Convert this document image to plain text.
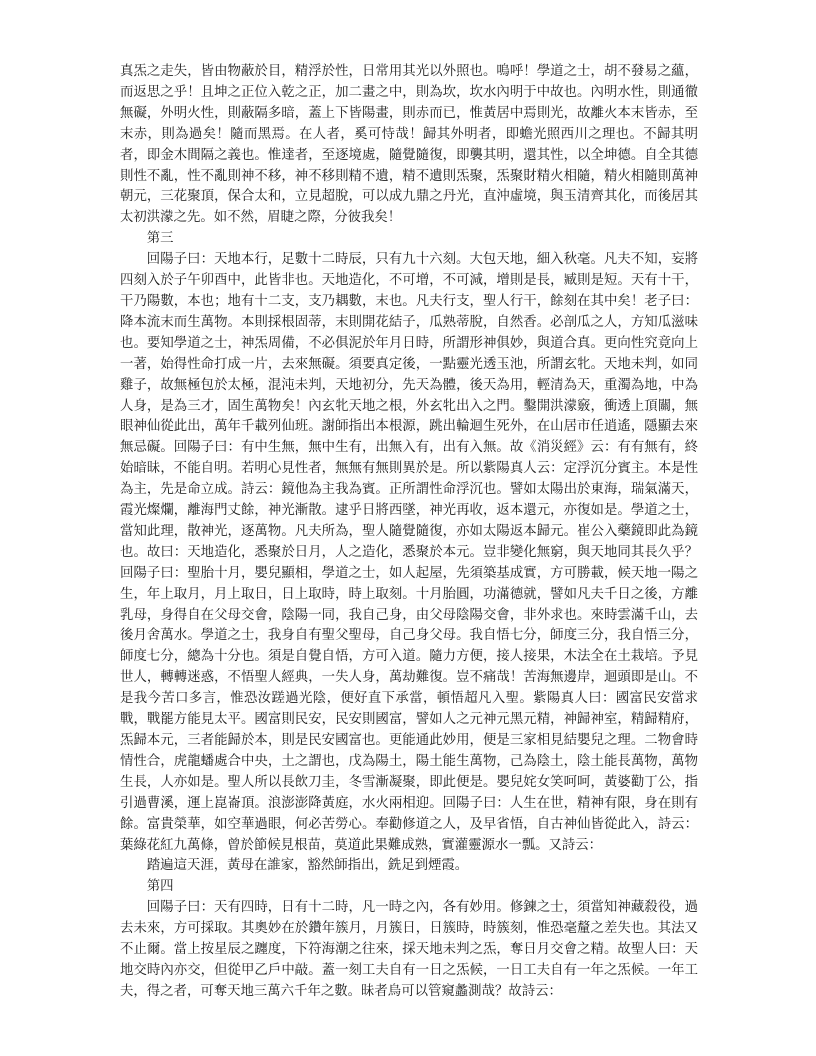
真炁之走失，皆由物蔽於目，精浮於性，日常用其光以外照也。嗚呼！學道之士，胡不發易之蘊，而返思之乎！且坤之正位入乾之正，加二畫之中，則為坎，坎水內明于中故也。內明水性，則通徹無礙，外明火性，則蔽隔多暗，蓋上下皆陽畫，則赤而已，惟黃居中焉則光，故離火本末皆赤，至末赤，則為過矣！隨而黑焉。在人者，奚可恃哉！歸其外明者，即蟾光照西川之理也。不歸其明者，即金木間隔之義也。惟達者，至逐境處，隨覺隨復，即襲其明，還其性，以全坤德。自全其德則性不亂，性不亂則神不移，神不移則精不遺，精不遺則炁聚，炁聚財精火相隨，精火相隨則萬神朝元，三花聚頂，保合太和，立見超脫，可以成九鼎之丹光，直沖虛境，與玉清齊其化，而後居其太初洪濛之先。如不然，眉睫之際，分彼我矣！

第三

回陽子曰：天地本行，足數十二時辰，只有九十六刻。大包天地，細入秋毫。凡夫不知，妄將四刻入於子午卯酉中，此皆非也。天地造化，不可增，不可減，增則是長，臧則是短。天有十干，干乃陽數，本也；地有十二支，支乃耦數，末也。凡夫行支，聖人行干，餘刻在其中矣！老子曰：降本流末而生萬物。本則採根固蒂，末則開花結子，瓜熟蒂脫，自然香。必剖瓜之人，方知瓜滋味也。要知學道之士，神炁周備，不必俱泥於年月日時，所謂形神俱妙，與道合真。更向性究竟向上一著，始得性命打成一片，去來無礙。須要真定後，一點靈光透玉池，所謂玄牝。天地未判，如同雞子，故無極包於太極，混沌未判，天地初分，先天為體，後天為用，輕清為天，重濁為地，中為人身，是為三才，固生萬物矣！內玄牝天地之根，外玄牝出入之門。鑿開洪濛竅，衝透上頂關，無眼神仙從此出，萬年千載列仙班。謝師指出本根源，跳出輪迴生死外，在山居市任逍遙，隱顯去來無忌礙。回陽子曰：有中生無，無中生有，出無入有，出有入無。故《消災經》云：有有無有，終始暗昧，不能自明。若明心見性者，無無有無則異於是。所以紫陽真人云：定浮沉分賓主。本是性為主，先是命立成。詩云：鏡他為主我為賓。正所謂性命浮沉也。譬如太陽出於東海，瑞氣滿天，霞光燦爛，離海門丈餘，神光漸散。逮乎日將西墜，神光再收，返本還元，亦復如是。學道之士，當知此理，散神光，逐萬物。凡夫所為，聖人隨覺隨復，亦如太陽返本歸元。崔公入藥鏡即此為鏡也。故曰：天地造化，悉聚於日月，人之造化，悉聚於本元。豈非變化無窮，與天地同其長久乎？回陽子曰：聖胎十月，嬰兒顯相，學道之士，如人起屋，先須築基成實，方可勝載，候天地一陽之生，年上取月，月上取日，日上取時，時上取刻。十月胎圓，功滿德就，譬如凡夫千日之後，方離乳母，身得自在父母交會，陰陽一同，我自己身，由父母陰陽交會，非外求也。來時雲滿千山，去後月舍萬水。學道之士，我身自有聖父聖母，自己身父母。我自悟七分，師度三分，我自悟三分，師度七分，總為十分也。須是自覺自悟，方可入道。隨力方便，接人接果，木法全在土栽培。予見世人，轉轉迷惑，不悟聖人經典，一失人身，萬劫難復。豈不痛哉！苦海無邊岸，迴頭即是山。不是我今苦口多言，惟恐汝蹉過光陰，便好直下承當，頓悟超凡入聖。紫陽真人曰：國富民安當求戰，戰罷方能見太平。國富則民安，民安則國富，譬如人之元神元黑元精，神歸神室，精歸精府，炁歸本元，三者能歸於本，則是民安國富也。更能通此妙用，便是三家相見結嬰兒之理。二物會時情性合，虎龍蟠處合中央，土之謂也，戊為陽土，陽土能生萬物，己為陰土，陰土能長萬物，萬物生長，人亦如是。聖人所以長飲刀圭，冬雪漸凝聚，即此便是。嬰兒姹女笑呵呵，黃婆勸丁公，指引過曹溪，運上崑崙頂。浪澎澎降黃庭，水火兩相迎。回陽子曰：人生在世，精神有限，身在則有餘。富貴榮華，如空華過眼，何必苦勞心。奉勸修道之人，及早省悟，自古神仙皆從此入，詩云：葉綠花紅九萬條，曾於節候見根苗，莫道此果難成熟，實灌靈源水一瓢。又詩云：

踏遍這天涯，黃母在誰家，豁然師指出，銑足到煙霞。

第四

回陽子曰：天有四時，日有十二時，凡一時之內，各有妙用。修鍊之士，須當知神藏殺役，過去未來，方可採取。其奧妙在於鑽年簇月，月簇日，日簇時，時簇刻，惟恐毫釐之差失也。其法又不止爾。當上按星辰之躔度，下符海潮之往來，採天地未判之炁，奪日月交會之精。故聖人曰：天地交時內亦交，但從甲乙戶中敲。蓋一刻工夫自有一日之炁候，一日工夫自有一年之炁候。一年工夫，得之者，可奪天地三萬六千年之數。昧者烏可以管窺蠡測哉？故詩云：
